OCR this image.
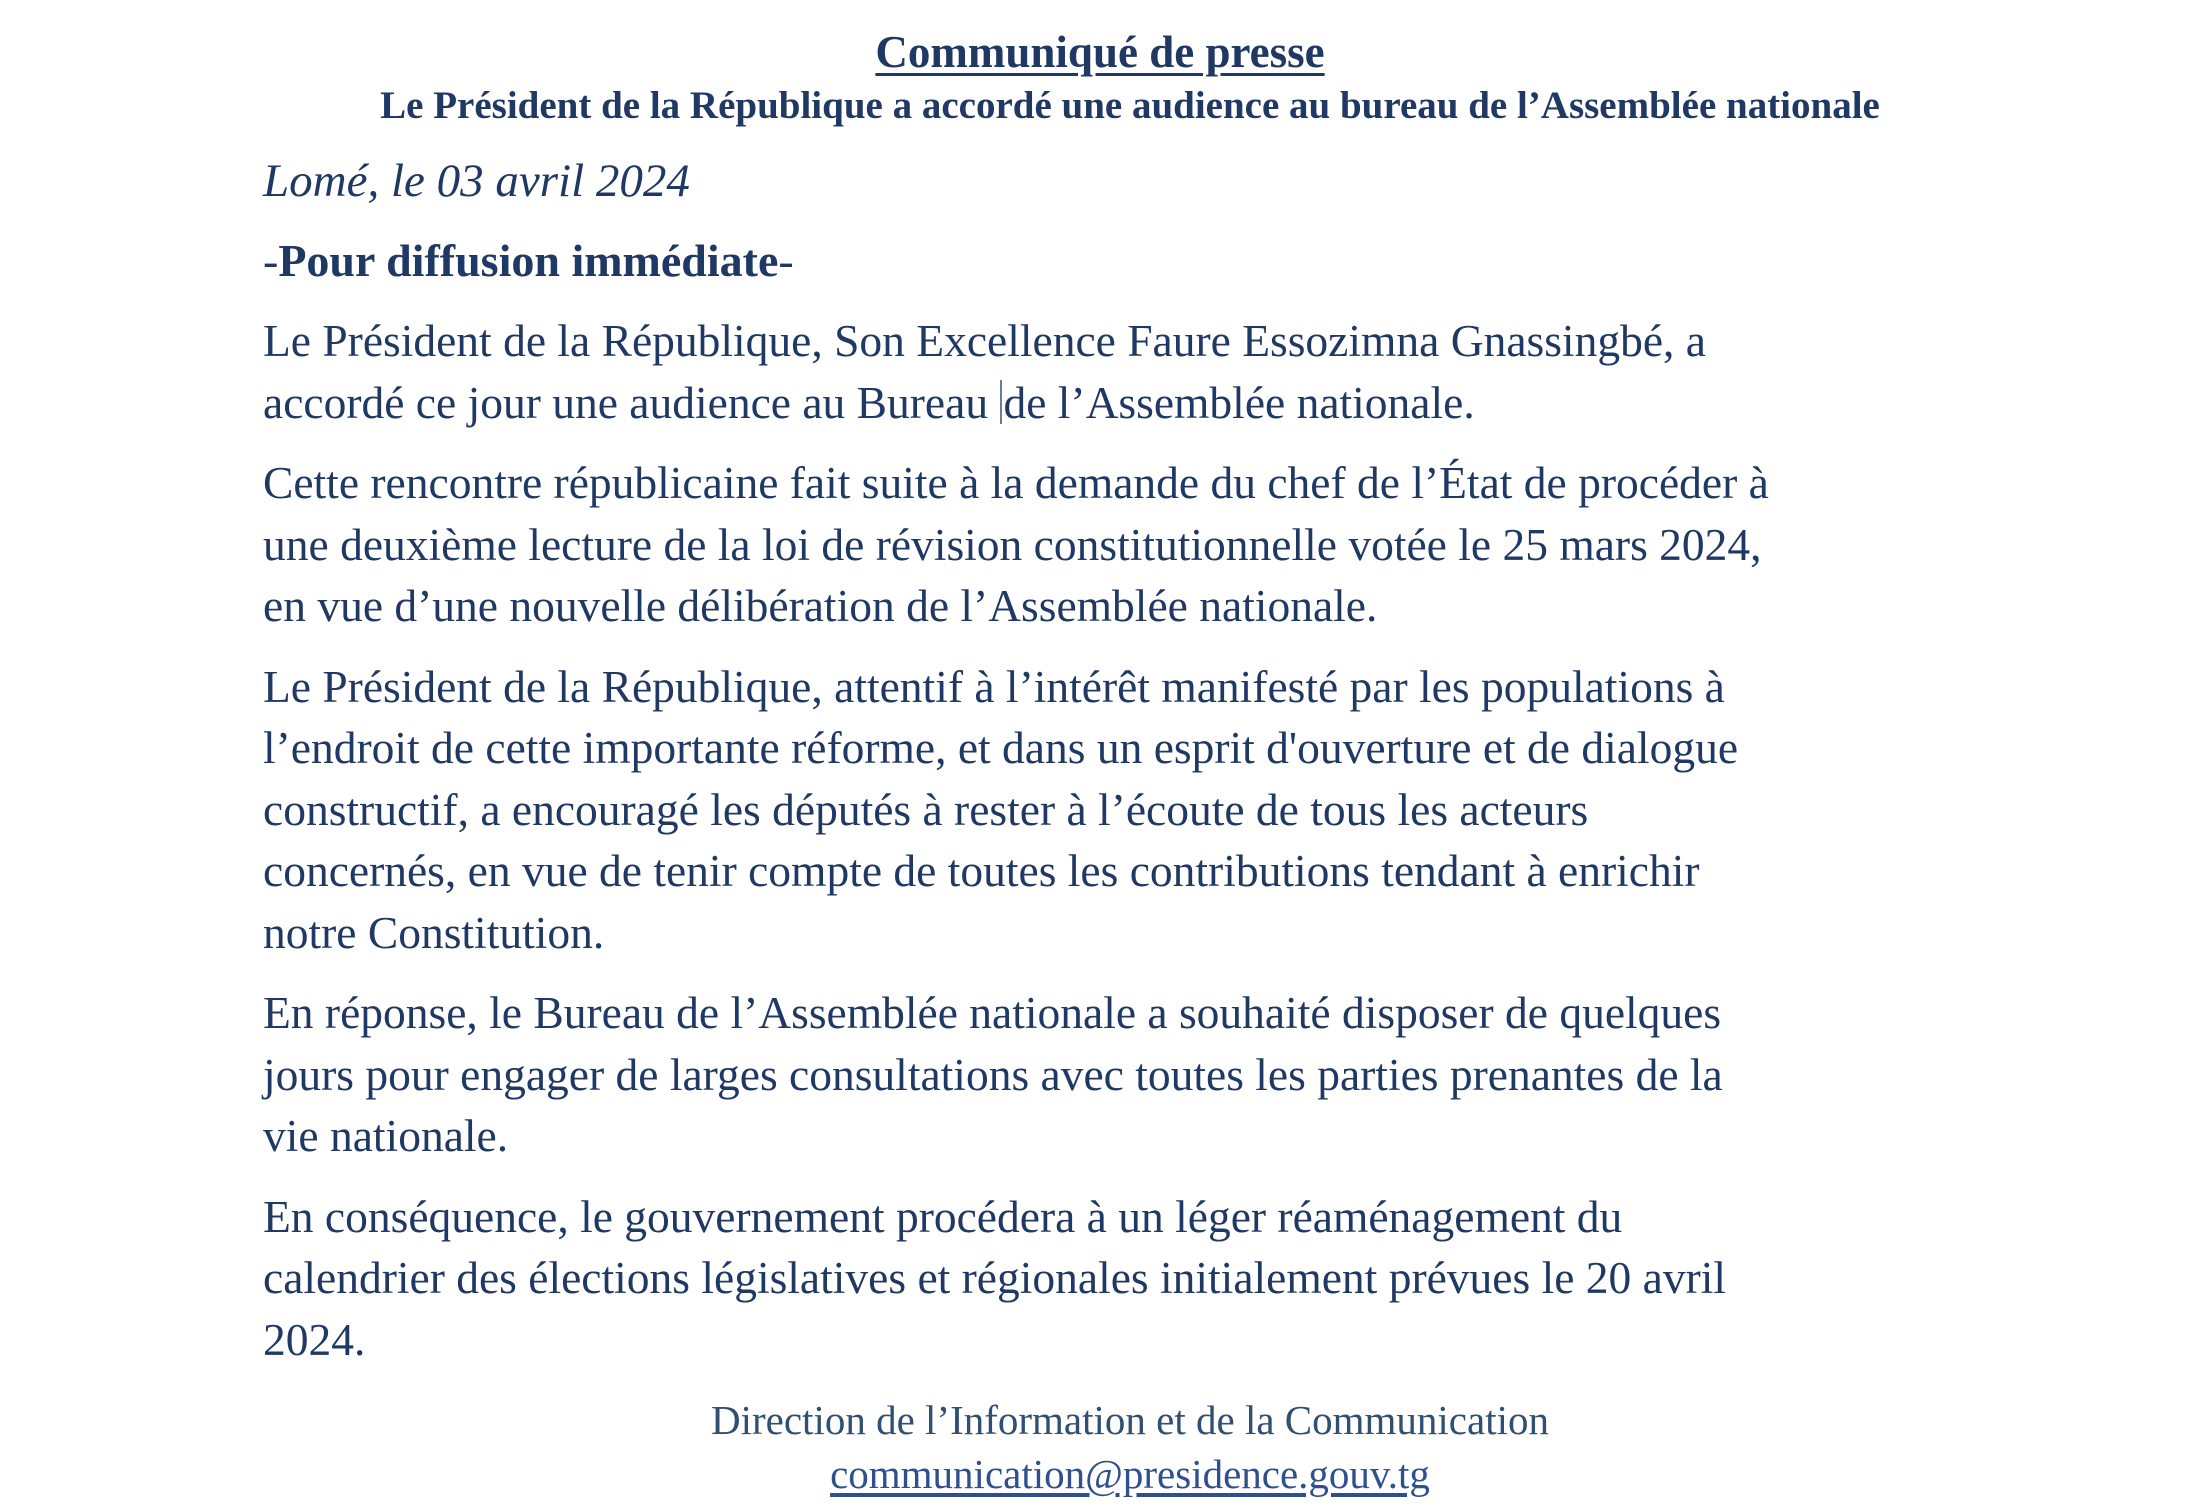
Communiqué de presse
Le Président de la République a accordé une audience au bureau de l’Assemblée nationale
Lomé, le 03 avril 2024
-Pour diffusion immédiate-

Le Président de la République, Son Excellence Faure Essozimna Gnassingbé, a
accordé ce jour une audience au Bureau de l’Assemblée nationale.

Cette rencontre républicaine fait suite à la demande du chef de l’État de procéder à
une deuxième lecture de la loi de révision constitutionnelle votée le 25 mars 2024,
en vue d’une nouvelle délibération de l’Assemblée nationale.

Le Président de la République, attentif à l’intérêt manifesté par les populations à
l’endroit de cette importante réforme, et dans un esprit d'ouverture et de dialogue
constructif, a encouragé les députés à rester à l’écoute de tous les acteurs
concernés, en vue de tenir compte de toutes les contributions tendant à enrichir
notre Constitution.

En réponse, le Bureau de l’Assemblée nationale a souhaité disposer de quelques
jours pour engager de larges consultations avec toutes les parties prenantes de la
vie nationale.

En conséquence, le gouvernement procédera à un léger réaménagement du
calendrier des élections législatives et régionales initialement prévues le 20 avril
2024.

Direction de l’Information et de la Communication
communication@presidence.gouv.tg
